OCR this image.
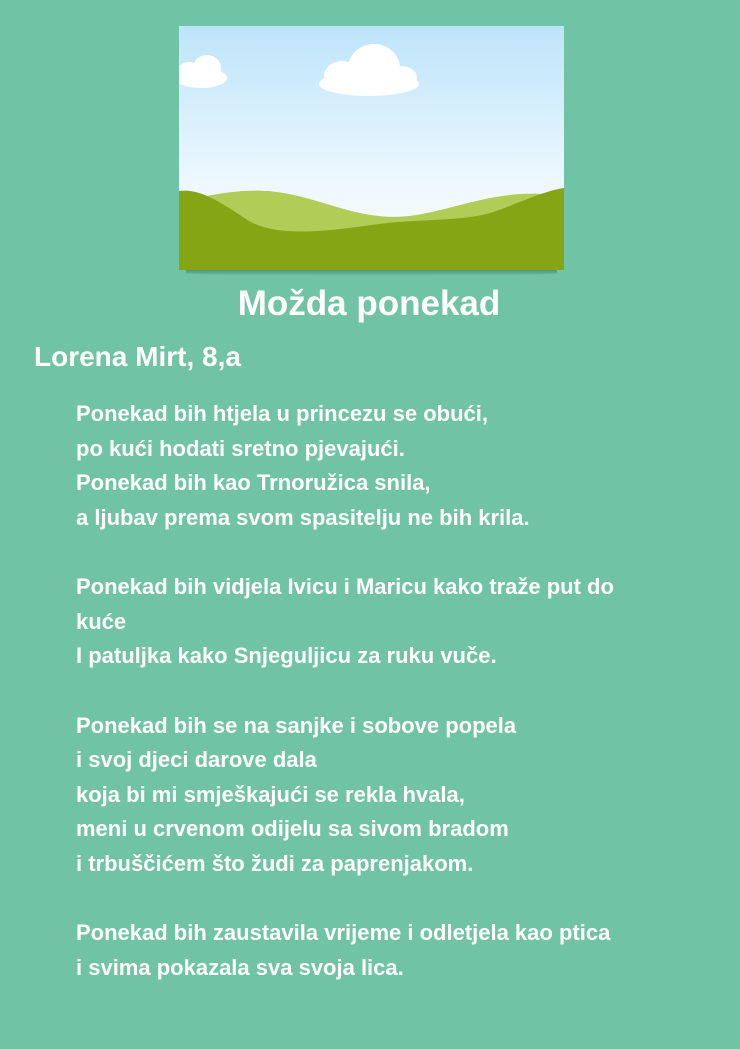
Možda ponekad
Lorena Mirt, 8,a
Ponekad bih htjela u princezu se obući,
po kući hodati sretno pjevajući.
Ponekad bih kao Trnoružica snila,
a ljubav prema svom spasitelju ne bih krila.
Ponekad bih vidjela Ivicu i Maricu kako traže put do
kuće
I patuljka kako Snjeguljicu za ruku vuče.
Ponekad bih se na sanjke i sobove popela
i svoj djeci darove dala
koja bi mi smješkajući se rekla hvala,
meni u crvenom odijelu sa sivom bradom
i trbuščićem što žudi za paprenjakom.
Ponekad bih zaustavila vrijeme i odletjela kao ptica
i svima pokazala sva svoja lica.
